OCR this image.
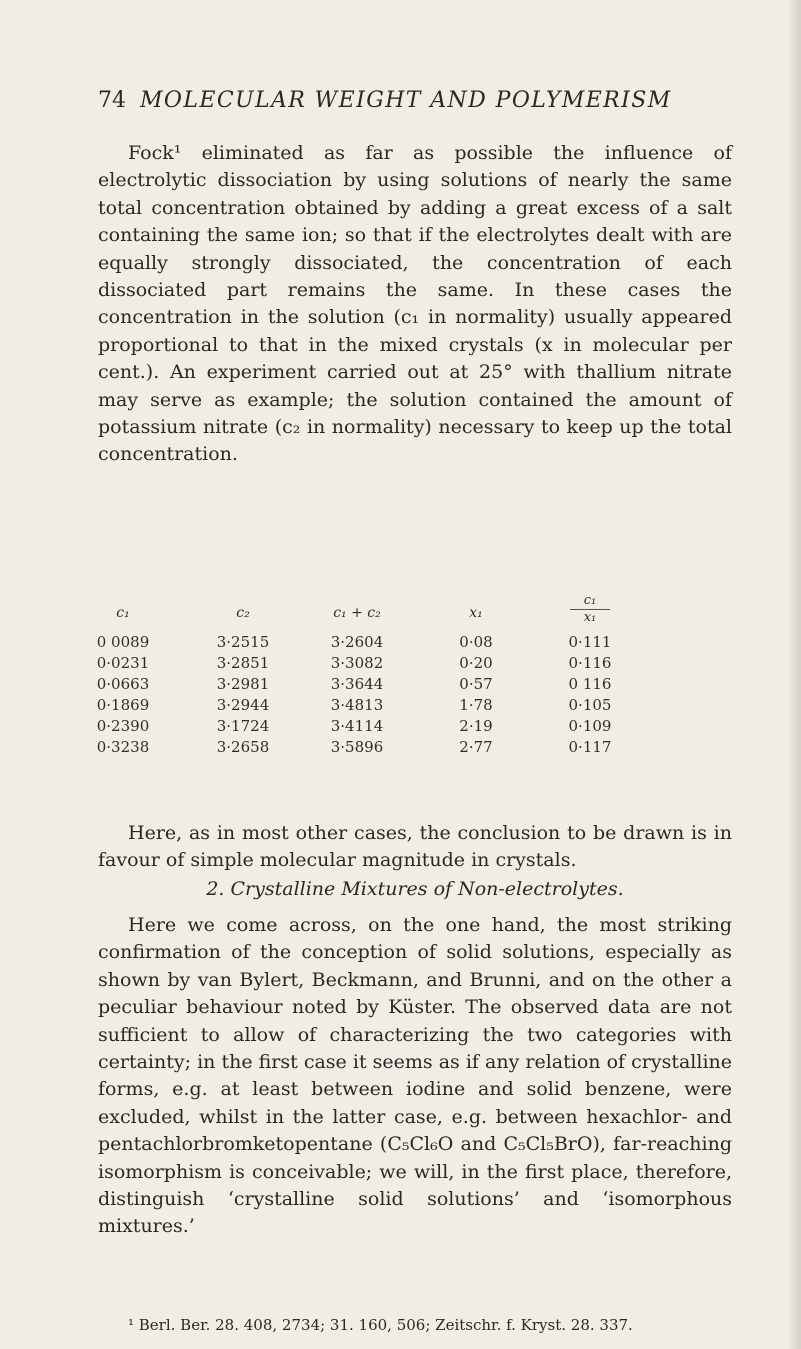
74 MOLECULAR WEIGHT AND POLYMERISM

Fock¹ eliminated as far as possible the influence of electrolytic dissociation by using solutions of nearly the same total concentration obtained by adding a great excess of a salt containing the same ion; so that if the electrolytes dealt with are equally strongly dissociated, the concentration of each dissociated part remains the same. In these cases the concentration in the solution (c₁ in normality) usually appeared proportional to that in the mixed crystals (x in molecular per cent.). An experiment carried out at 25° with thallium nitrate may serve as example; the solution contained the amount of potassium nitrate (c₂ in normality) necessary to keep up the total concentration.

c₁	c₂	c₁ + c₂	x₁	$\frac{\text{c₁}}{\text{x₁}}$
0 0089	3·2515	3·2604	0·08	0·111
0·0231	3·2851	3·3082	0·20	0·116
0·0663	3·2981	3·3644	0·57	0 116
0·1869	3·2944	3·4813	1·78	0·105
0·2390	3·1724	3·4114	2·19	0·109
0·3238	3·2658	3·5896	2·77	0·117

Here, as in most other cases, the conclusion to be drawn is in favour of simple molecular magnitude in crystals.

2. Crystalline Mixtures of Non-electrolytes.

Here we come across, on the one hand, the most striking confirmation of the conception of solid solutions, especially as shown by van Bylert, Beckmann, and Brunni, and on the other a peculiar behaviour noted by Küster. The observed data are not sufficient to allow of characterizing the two categories with certainty; in the first case it seems as if any relation of crystalline forms, e.g. at least between iodine and solid benzene, were excluded, whilst in the latter case, e.g. between hexachlor- and pentachlorbromketopentane (C₅Cl₆O and C₅Cl₅BrO), far-reaching isomorphism is conceivable; we will, in the first place, therefore, distinguish ‘crystalline solid solutions’ and ‘isomorphous mixtures.’

¹ Berl. Ber. 28. 408, 2734; 31. 160, 506; Zeitschr. f. Kryst. 28. 337.
